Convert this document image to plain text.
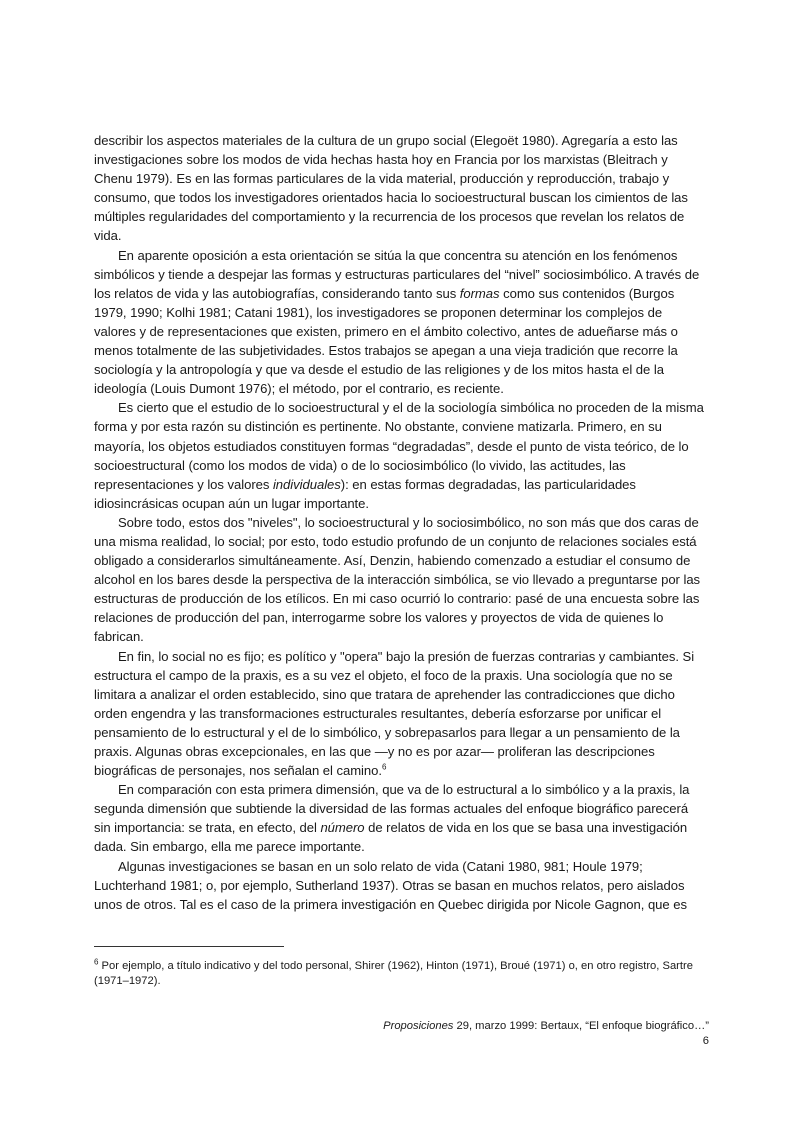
describir los aspectos materiales de la cultura de un grupo social (Elegoët 1980). Agregaría a esto las investigaciones sobre los modos de vida hechas hasta hoy en Francia por los marxistas (Bleitrach y Chenu 1979). Es en las formas particulares de la vida material, producción y reproducción, trabajo y consumo, que todos los investigadores orientados hacia lo socioestructural buscan los cimientos de las múltiples regularidades del comportamiento y la recurrencia de los procesos que revelan los relatos de vida.

En aparente oposición a esta orientación se sitúa la que concentra su atención en los fenómenos simbólicos y tiende a despejar las formas y estructuras particulares del “nivel” sociosimbólico. A través de los relatos de vida y las autobiografías, considerando tanto sus formas como sus contenidos (Burgos 1979, 1990; Kolhi 1981; Catani 1981), los investigadores se proponen determinar los complejos de valores y de representaciones que existen, primero en el ámbito colectivo, antes de adueñarse más o menos totalmente de las subjetividades. Estos trabajos se apegan a una vieja tradición que recorre la sociología y la antropología y que va desde el estudio de las religiones y de los mitos hasta el de la ideología (Louis Dumont 1976); el método, por el contrario, es reciente.

Es cierto que el estudio de lo socioestructural y el de la sociología simbólica no proceden de la misma forma y por esta razón su distinción es pertinente. No obstante, conviene matizarla. Primero, en su mayoría, los objetos estudiados constituyen formas “degradadas”, desde el punto de vista teórico, de lo socioestructural (como los modos de vida) o de lo sociosimbólico (lo vivido, las actitudes, las representaciones y los valores individuales): en estas formas degradadas, las particularidades idiosincrásicas ocupan aún un lugar importante.

Sobre todo, estos dos "niveles", lo socioestructural y lo sociosimbólico, no son más que dos caras de una misma realidad, lo social; por esto, todo estudio profundo de un conjunto de relaciones sociales está obligado a considerarlos simultáneamente. Así, Denzin, habiendo comenzado a estudiar el consumo de alcohol en los bares desde la perspectiva de la interacción simbólica, se vio llevado a preguntarse por las estructuras de producción de los etílicos. En mi caso ocurrió lo contrario: pasé de una encuesta sobre las relaciones de producción del pan, interrogarme sobre los valores y proyectos de vida de quienes lo fabrican.

En fin, lo social no es fijo; es político y "opera" bajo la presión de fuerzas contrarias y cambiantes. Si estructura el campo de la praxis, es a su vez el objeto, el foco de la praxis. Una sociología que no se limitara a analizar el orden establecido, sino que tratara de aprehender las contradicciones que dicho orden engendra y las transformaciones estructurales resultantes, debería esforzarse por unificar el pensamiento de lo estructural y el de lo simbólico, y sobrepasarlos para llegar a un pensamiento de la praxis. Algunas obras excepcionales, en las que —y no es por azar— proliferan las descripciones biográficas de personajes, nos señalan el camino.$^6$

En comparación con esta primera dimensión, que va de lo estructural a lo simbólico y a la praxis, la segunda dimensión que subtiende la diversidad de las formas actuales del enfoque biográfico parecerá sin importancia: se trata, en efecto, del número de relatos de vida en los que se basa una investigación dada. Sin embargo, ella me parece importante.

Algunas investigaciones se basan en un solo relato de vida (Catani 1980, 981; Houle 1979; Luchterhand 1981; o, por ejemplo, Sutherland 1937). Otras se basan en muchos relatos, pero aislados unos de otros. Tal es el caso de la primera investigación en Quebec dirigida por Nicole Gagnon, que es

$^6$ Por ejemplo, a título indicativo y del todo personal, Shirer (1962), Hinton (1971), Broué (1971) o, en otro registro, Sartre (1971–1972).

Proposiciones 29, marzo 1999: Bertaux, “El enfoque biográfico…”6
